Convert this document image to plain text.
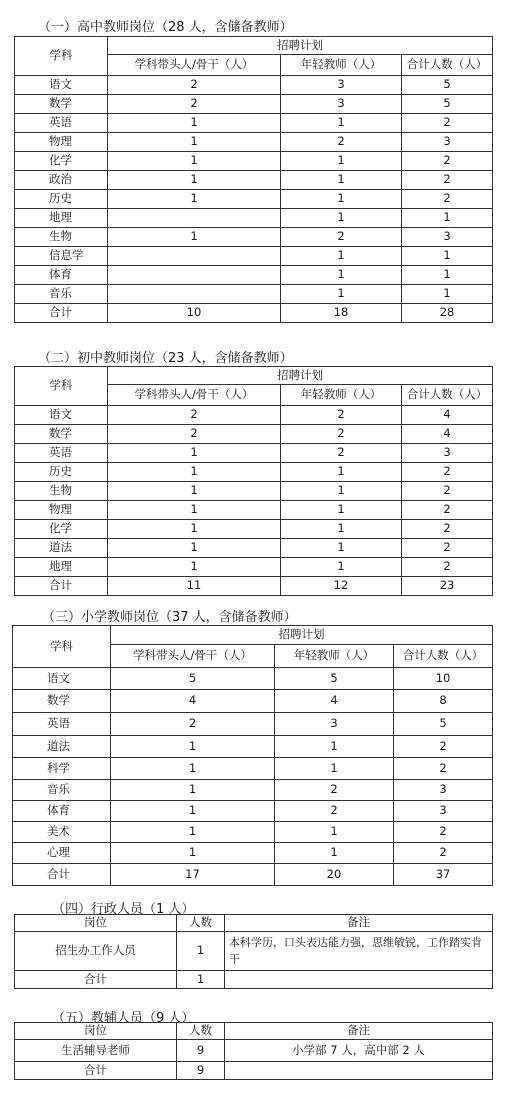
（一）高中教师岗位（28 人，含储备教师）
学科	招聘计划		
	学科带头人/骨干（人）	年轻教师（人）	合计人数（人）
语文	2	3	5
数学	2	3	5
英语	1	1	2
物理	1	2	3
化学	1	1	2
政治	1	1	2
历史	1	1	2
地理		1	1
生物	1	2	3
信息学		1	1
体育		1	1
音乐		1	1
合计	10	18	28
（二）初中教师岗位（23 人，含储备教师）
学科	招聘计划		
	学科带头人/骨干（人）	年轻教师（人）	合计人数（人）
语文	2	2	4
数学	2	2	4
英语	1	2	3
历史	1	1	2
生物	1	1	2
物理	1	1	2
化学	1	1	2
道法	1	1	2
地理	1	1	2
合计	11	12	23
（三）小学教师岗位（37 人，含储备教师）
学科	招聘计划		
	学科带头人/骨干（人）	年轻教师（人）	合计人数（人）
语文	5	5	10
数学	4	4	8
英语	2	3	5
道法	1	1	2
科学	1	1	2
音乐	1	2	3
体育	1	2	3
美术	1	1	2
心理	1	1	2
合计	17	20	37
（四）行政人员（1 人）
岗位	人数	备注
招生办工作人员	1	本科学历，口头表达能力强，思维敏锐，工作踏实肯干
合计	1	
（五）教辅人员（9 人）
岗位	人数	备注
生活辅导老师	9	小学部 7 人，高中部 2 人
合计	9	
